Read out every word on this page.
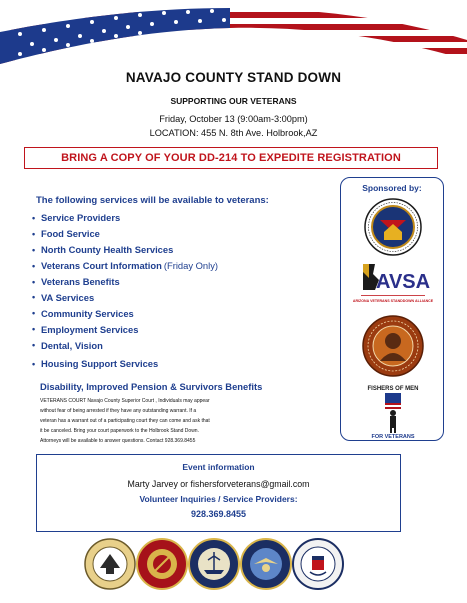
NAVAJO COUNTY STAND DOWN
SUPPORTING OUR VETERANS
Friday, October 13 (9:00am-3:00pm)
LOCATION: 455 N. 8th Ave. Holbrook,AZ
BRING A COPY OF YOUR DD-214 TO EXPEDITE REGISTRATION
The following services will be available to veterans:
• Service Providers
• Food Service
• North County Health Services
• Veterans Court Information (Friday Only)
• Veterans Benefits
• VA Services
• Community Services
• Employment Services
• Dental, Vision
• Housing Support Services
Disability, Improved Pension & Survivors Benefits
VETERANS COURT Navajo County Superior Court , Individuals may appear
without fear of being arrested if they have any outstanding warrant. If a
veteran has a warrant out of a participating court they can come and ask that
it be canceled. Bring your court paperwork to the Holbrook Stand Down.
Attorneys will be available to answer questions. Contact 928.369.8455
Sponsored by:
AVSA
ARIZONA VETERANS STANDDOWN ALLIANCE
FISHERS OF MEN
FOR VETERANS
Event information
Marty Jarvey or fishersforveterans@gmail.com
Volunteer Inquiries / Service Providers:
928.369.8455
